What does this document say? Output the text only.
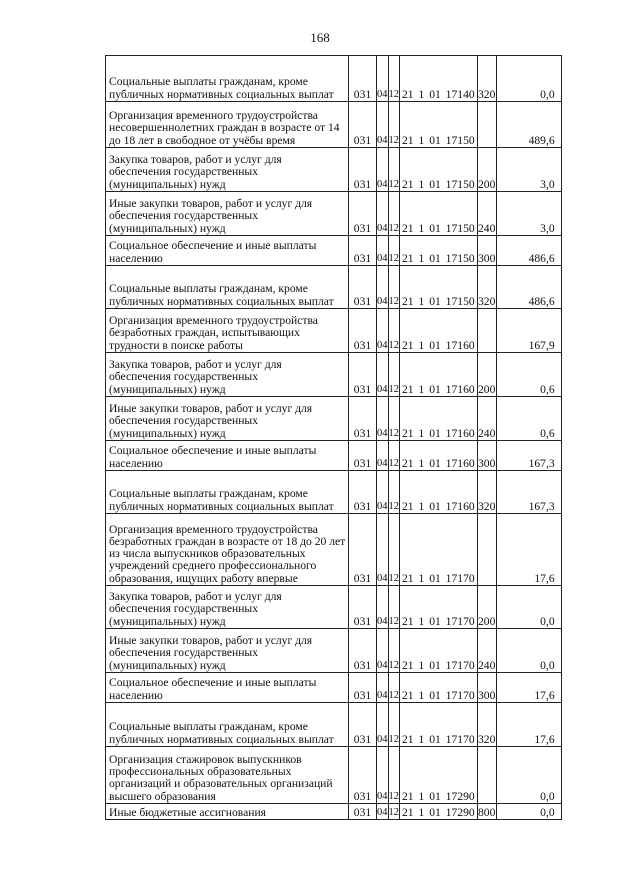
168
Социальные выплаты гражданам, кроме публичных нормативных социальных выплат	031	04	12	21 1 01 17140	320	0,0
Организация временного трудоустройства несовершеннолетних граждан в возрасте от 14 до 18 лет в свободное от учёбы время	031	04	12	21 1 01 17150		489,6
Закупка товаров, работ и услуг для обеспечения государственных (муниципальных) нужд	031	04	12	21 1 01 17150	200	3,0
Иные закупки товаров, работ и услуг для обеспечения государственных (муниципальных) нужд	031	04	12	21 1 01 17150	240	3,0
Социальное обеспечение и иные выплаты населению	031	04	12	21 1 01 17150	300	486,6
Социальные выплаты гражданам, кроме публичных нормативных социальных выплат	031	04	12	21 1 01 17150	320	486,6
Организация временного трудоустройства безработных граждан, испытывающих трудности в поиске работы	031	04	12	21 1 01 17160		167,9
Закупка товаров, работ и услуг для обеспечения государственных (муниципальных) нужд	031	04	12	21 1 01 17160	200	0,6
Иные закупки товаров, работ и услуг для обеспечения государственных (муниципальных) нужд	031	04	12	21 1 01 17160	240	0,6
Социальное обеспечение и иные выплаты населению	031	04	12	21 1 01 17160	300	167,3
Социальные выплаты гражданам, кроме публичных нормативных социальных выплат	031	04	12	21 1 01 17160	320	167,3
Организация временного трудоустройства безработных граждан в возрасте от 18 до 20 лет из числа выпускников образовательных учреждений среднего профессионального образования, ищущих работу впервые	031	04	12	21 1 01 17170		17,6
Закупка товаров, работ и услуг для обеспечения государственных (муниципальных) нужд	031	04	12	21 1 01 17170	200	0,0
Иные закупки товаров, работ и услуг для обеспечения государственных (муниципальных) нужд	031	04	12	21 1 01 17170	240	0,0
Социальное обеспечение и иные выплаты населению	031	04	12	21 1 01 17170	300	17,6
Социальные выплаты гражданам, кроме публичных нормативных социальных выплат	031	04	12	21 1 01 17170	320	17,6
Организация стажировок выпускников профессиональных образовательных организаций и образовательных организаций высшего образования	031	04	12	21 1 01 17290		0,0
Иные бюджетные ассигнования	031	04	12	21 1 01 17290	800	0,0
